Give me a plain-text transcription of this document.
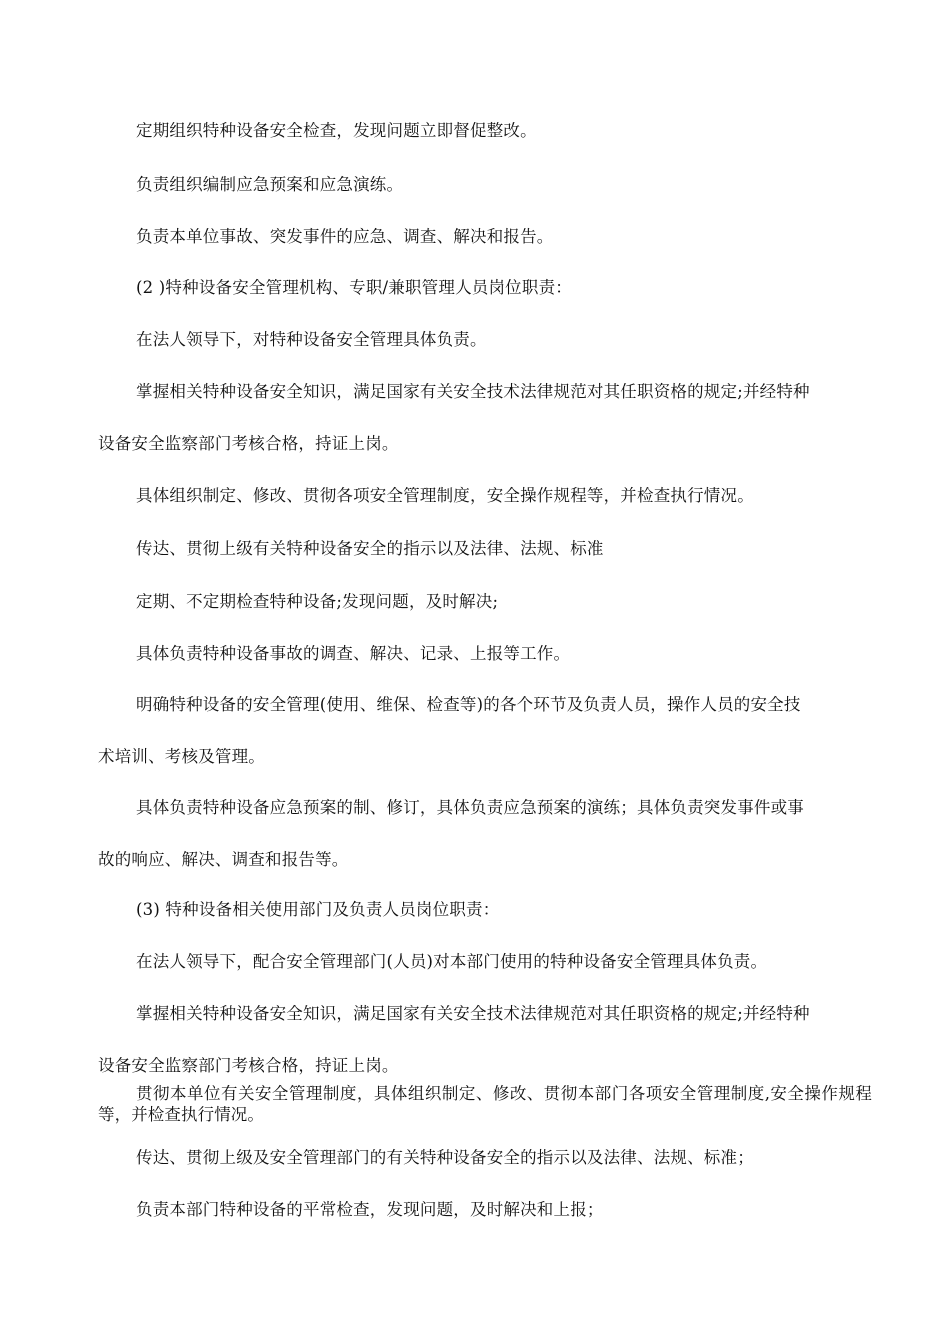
定期组织特种设备安全检查，发现问题立即督促整改。
负责组织编制应急预案和应急演练。
负责本单位事故、突发事件的应急、调查、解决和报告。
(2 )特种设备安全管理机构、专职/兼职管理人员岗位职责：
在法人领导下，对特种设备安全管理具体负责。
掌握相关特种设备安全知识，满足国家有关安全技术法律规范对其任职资格的规定;并经特种
设备安全监察部门考核合格，持证上岗。
具体组织制定、修改、贯彻各项安全管理制度，安全操作规程等，并检查执行情况。
传达、贯彻上级有关特种设备安全的指示以及法律、法规、标准
定期、不定期检查特种设备;发现问题，及时解决;
具体负责特种设备事故的调查、解决、记录、上报等工作。
明确特种设备的安全管理(使用、维保、检查等)的各个环节及负责人员，操作人员的安全技
术培训、考核及管理。
具体负责特种设备应急预案的制、修订，具体负责应急预案的演练；具体负责突发事件或事
故的响应、解决、调查和报告等。
(3) 特种设备相关使用部门及负责人员岗位职责：
在法人领导下，配合安全管理部门(人员)对本部门使用的特种设备安全管理具体负责。
掌握相关特种设备安全知识，满足国家有关安全技术法律规范对其任职资格的规定;并经特种
设备安全监察部门考核合格，持证上岗。
贯彻本单位有关安全管理制度，具体组织制定、修改、贯彻本部门各项安全管理制度,安全操作规程等，并检查执行情况。
传达、贯彻上级及安全管理部门的有关特种设备安全的指示以及法律、法规、标准；
负责本部门特种设备的平常检查，发现问题，及时解决和上报；
